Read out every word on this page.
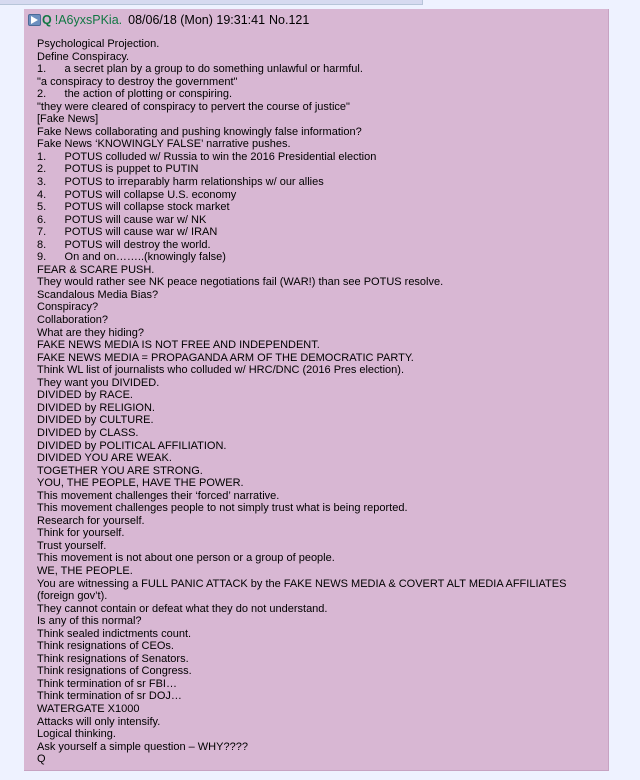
Q !A6yxsPKia. 08/06/18 (Mon) 19:31:41 No.121
Psychological Projection.
Define Conspiracy.
1.      a secret plan by a group to do something unlawful or harmful.
"a conspiracy to destroy the government"
2.      the action of plotting or conspiring.
"they were cleared of conspiracy to pervert the course of justice"
[Fake News]
Fake News collaborating and pushing knowingly false information?
Fake News ‘KNOWINGLY FALSE’ narrative pushes.
1.      POTUS colluded w/ Russia to win the 2016 Presidential election
2.      POTUS is puppet to PUTIN
3.      POTUS to irreparably harm relationships w/ our allies
4.      POTUS will collapse U.S. economy
5.      POTUS will collapse stock market
6.      POTUS will cause war w/ NK
7.      POTUS will cause war w/ IRAN
8.      POTUS will destroy the world.
9.      On and on……..(knowingly false)
FEAR & SCARE PUSH.
They would rather see NK peace negotiations fail (WAR!) than see POTUS resolve.
Scandalous Media Bias?
Conspiracy?
Collaboration?
What are they hiding?
FAKE NEWS MEDIA IS NOT FREE AND INDEPENDENT.
FAKE NEWS MEDIA = PROPAGANDA ARM OF THE DEMOCRATIC PARTY.
Think WL list of journalists who colluded w/ HRC/DNC (2016 Pres election).
They want you DIVIDED.
DIVIDED by RACE.
DIVIDED by RELIGION.
DIVIDED by CULTURE.
DIVIDED by CLASS.
DIVIDED by POLITICAL AFFILIATION.
DIVIDED YOU ARE WEAK.
TOGETHER YOU ARE STRONG.
YOU, THE PEOPLE, HAVE THE POWER.
This movement challenges their ‘forced’ narrative.
This movement challenges people to not simply trust what is being reported.
Research for yourself.
Think for yourself.
Trust yourself.
This movement is not about one person or a group of people.
WE, THE PEOPLE.
You are witnessing a FULL PANIC ATTACK by the FAKE NEWS MEDIA & COVERT ALT MEDIA AFFILIATES (foreign gov’t).
They cannot contain or defeat what they do not understand.
Is any of this normal?
Think sealed indictments count.
Think resignations of CEOs.
Think resignations of Senators.
Think resignations of Congress.
Think termination of sr FBI…
Think termination of sr DOJ…
WATERGATE X1000
Attacks will only intensify.
Logical thinking.
Ask yourself a simple question – WHY????
Q
